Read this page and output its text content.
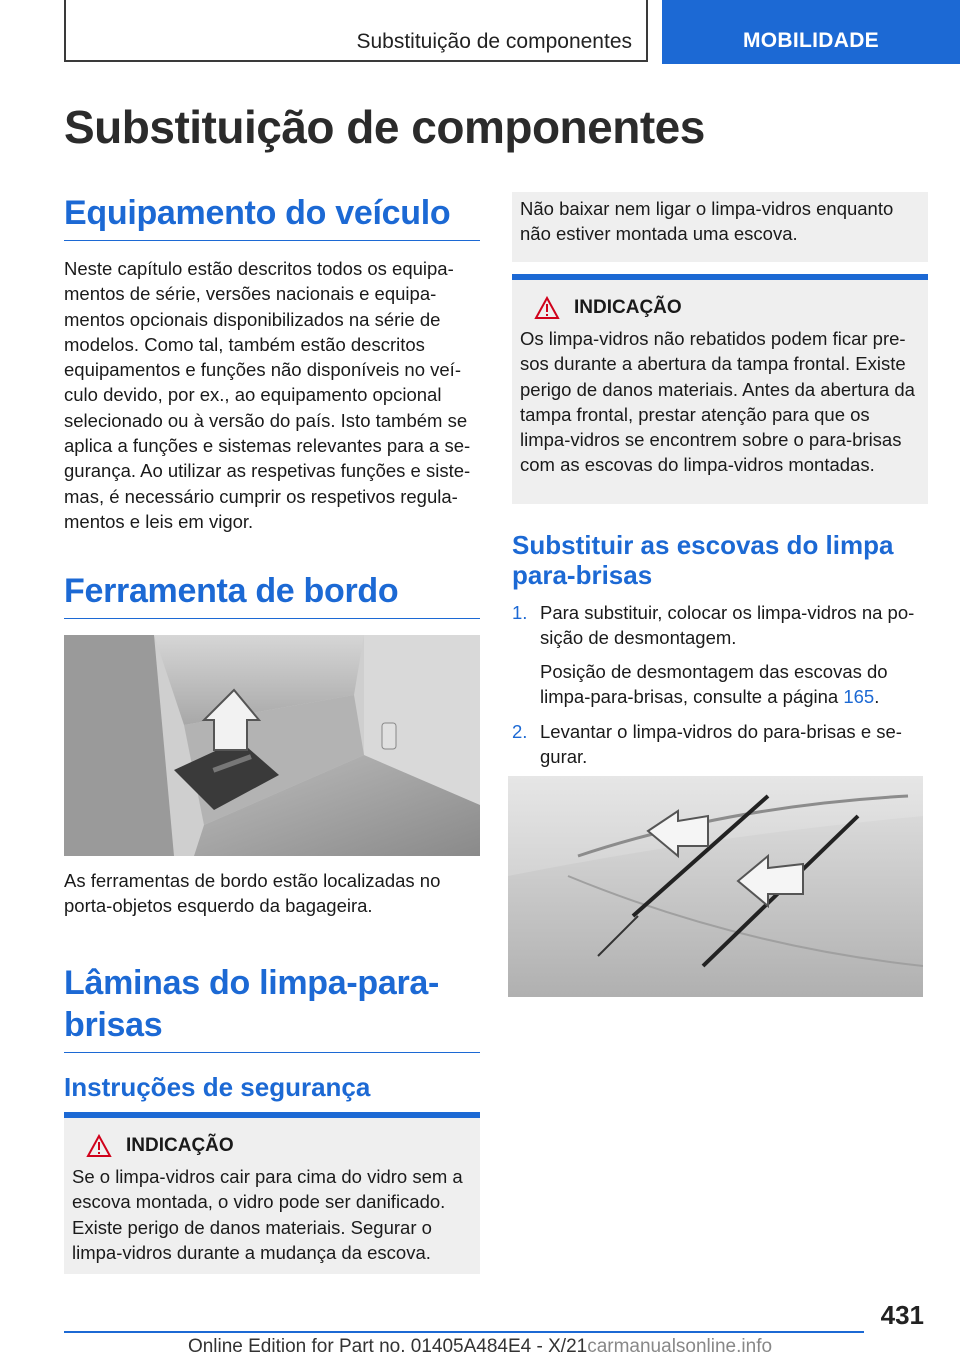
Substituição de componentes	MOBILIDADE
Substituição de componentes
Equipamento do veículo

Neste capítulo estão descritos todos os equipa-mentos de série, versões nacionais e equipa-mentos opcionais disponibilizados na série de modelos. Como tal, também estão descritos equipamentos e funções não disponíveis no veí-culo devido, por ex., ao equipamento opcional selecionado ou à versão do país. Isto também se aplica a funções e sistemas relevantes para a se-gurança. Ao utilizar as respetivas funções e siste-mas, é necessário cumprir os respetivos regula-mentos e leis em vigor.

Ferramenta de bordo

As ferramentas de bordo estão localizadas no porta-objetos esquerdo da bagageira.

Lâminas do limpa-para-brisas
Instruções de segurança
INDICAÇÃO
Se o limpa-vidros cair para cima do vidro sem a escova montada, o vidro pode ser danificado. Existe perigo de danos materiais. Segurar o limpa-vidros durante a mudança da escova.
Não baixar nem ligar o limpa-vidros enquanto não estiver montada uma escova.
INDICAÇÃO
Os limpa-vidros não rebatidos podem ficar pre-sos durante a abertura da tampa frontal. Existe perigo de danos materiais. Antes da abertura da tampa frontal, prestar atenção para que os limpa-vidros se encontrem sobre o para-brisas com as escovas do limpa-vidros montadas.
Substituir as escovas do limpa para-brisas
1. Para substituir, colocar os limpa-vidros na po-sição de desmontagem.
Posição de desmontagem das escovas do limpa-para-brisas, consulte a página 165.
2. Levantar o limpa-vidros do para-brisas e se-gurar.
431
Online Edition for Part no. 01405A484E4 - X/21carmanualsonline.info
